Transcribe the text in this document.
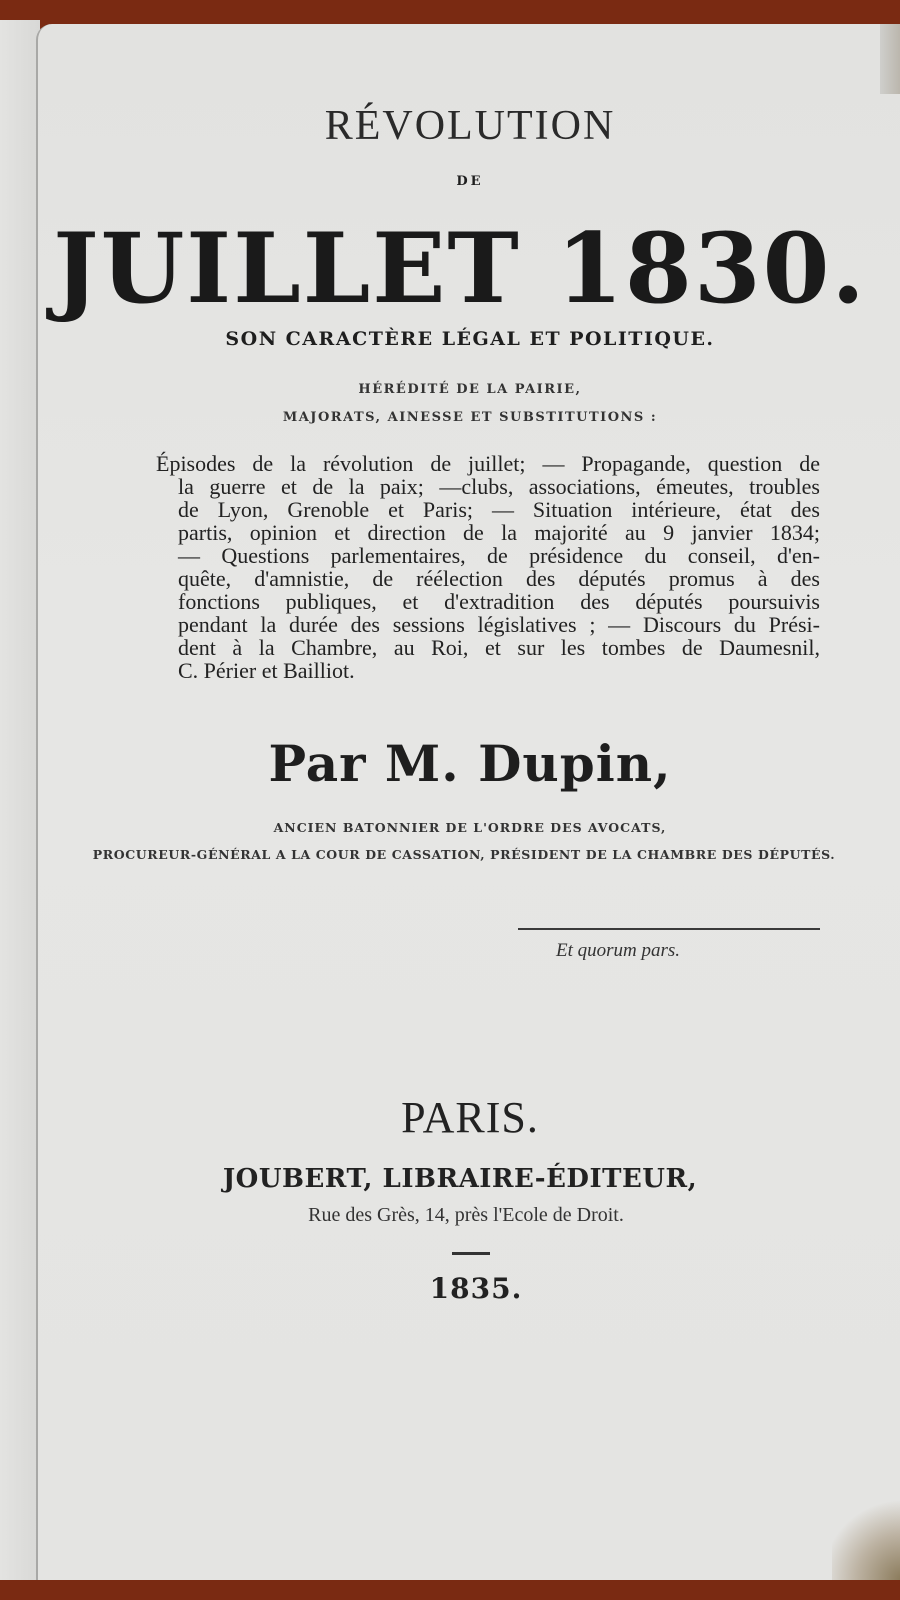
RÉVOLUTION
DE
JUILLET 1830.
SON CARACTÈRE LÉGAL ET POLITIQUE.
HÉRÉDITÉ DE LA PAIRIE,
MAJORATS, AINESSE ET SUBSTITUTIONS :
Épisodes de la révolution de juillet; — Propagande, question de
la guerre et de la paix; —clubs, associations, émeutes, troubles
de Lyon, Grenoble et Paris; — Situation intérieure, état des
partis, opinion et direction de la majorité au 9 janvier 1834;
— Questions parlementaires, de présidence du conseil, d'en-
quête, d'amnistie, de réélection des députés promus à des
fonctions publiques, et d'extradition des députés poursuivis
pendant la durée des sessions législatives ; — Discours du Prési-
dent à la Chambre, au Roi, et sur les tombes de Daumesnil,
C. Périer et Bailliot.
Par M. Dupin,
ANCIEN BATONNIER DE L'ORDRE DES AVOCATS,
PROCUREUR-GÉNÉRAL A LA COUR DE CASSATION, PRÉSIDENT DE LA CHAMBRE DES DÉPUTÉS.
Et quorum pars.
PARIS.
JOUBERT, LIBRAIRE-ÉDITEUR,
Rue des Grès, 14, près l'Ecole de Droit.
1835.
